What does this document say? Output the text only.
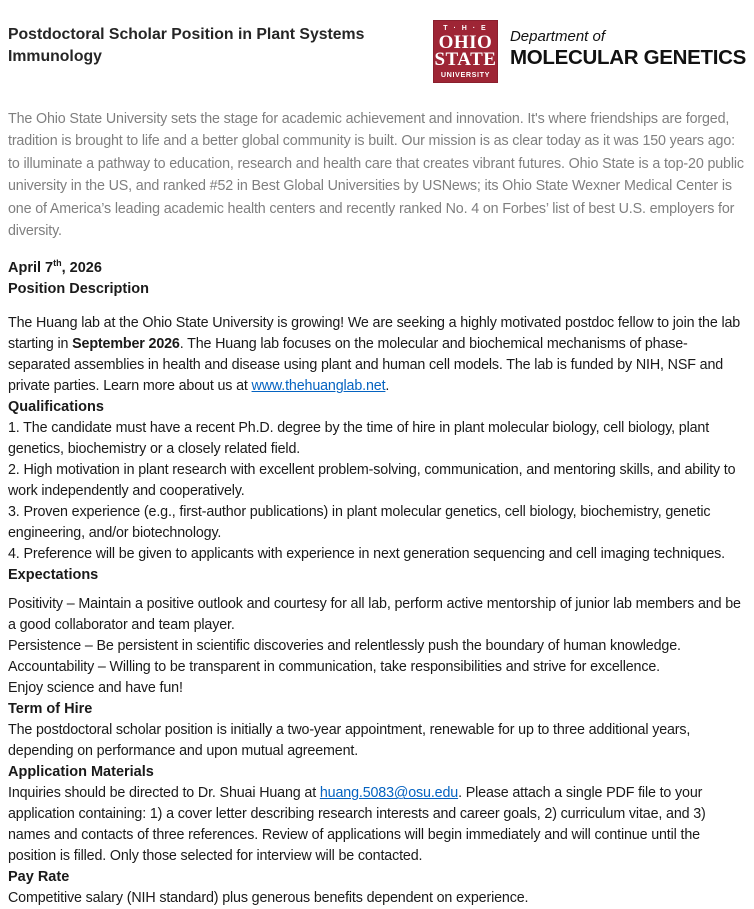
Postdoctoral Scholar Position in Plant Systems Immunology
T · H · E
OHIO
STATE
UNIVERSITY
Department of
MOLECULAR GENETICS

The Ohio State University sets the stage for academic achievement and innovation. It's where friendships are forged, tradition is brought to life and a better global community is built. Our mission is as clear today as it was 150 years ago: to illuminate a pathway to education, research and health care that creates vibrant futures. Ohio State is a top-20 public university in the US, and ranked #52 in Best Global Universities by USNews; its Ohio State Wexner Medical Center is one of America’s leading academic health centers and recently ranked No. 4 on Forbes’ list of best U.S. employers for diversity.

April 7th, 2026

Position Description

The Huang lab at the Ohio State University is growing! We are seeking a highly motivated postdoc fellow to join the lab starting in September 2026. The Huang lab focuses on the molecular and biochemical mechanisms of phase-separated assemblies in health and disease using plant and human cell models. The lab is funded by NIH, NSF and private parties. Learn more about us at www.thehuanglab.net.

Qualifications

1. The candidate must have a recent Ph.D. degree by the time of hire in plant molecular biology, cell biology, plant genetics, biochemistry or a closely related field.

2. High motivation in plant research with excellent problem-solving, communication, and mentoring skills, and ability to work independently and cooperatively.

3. Proven experience (e.g., first-author publications) in plant molecular genetics, cell biology, biochemistry, genetic engineering, and/or biotechnology.

4. Preference will be given to applicants with experience in next generation sequencing and cell imaging techniques.

Expectations

Positivity – Maintain a positive outlook and courtesy for all lab, perform active mentorship of junior lab members and be a good collaborator and team player.

Persistence – Be persistent in scientific discoveries and relentlessly push the boundary of human knowledge.

Accountability – Willing to be transparent in communication, take responsibilities and strive for excellence.

Enjoy science and have fun!

Term of Hire

The postdoctoral scholar position is initially a two-year appointment, renewable for up to three additional years, depending on performance and upon mutual agreement.

Application Materials

Inquiries should be directed to Dr. Shuai Huang at huang.5083@osu.edu. Please attach a single PDF file to your application containing: 1) a cover letter describing research interests and career goals, 2) curriculum vitae, and 3) names and contacts of three references. Review of applications will begin immediately and will continue until the position is filled. Only those selected for interview will be contacted.

Pay Rate

Competitive salary (NIH standard) plus generous benefits dependent on experience.
